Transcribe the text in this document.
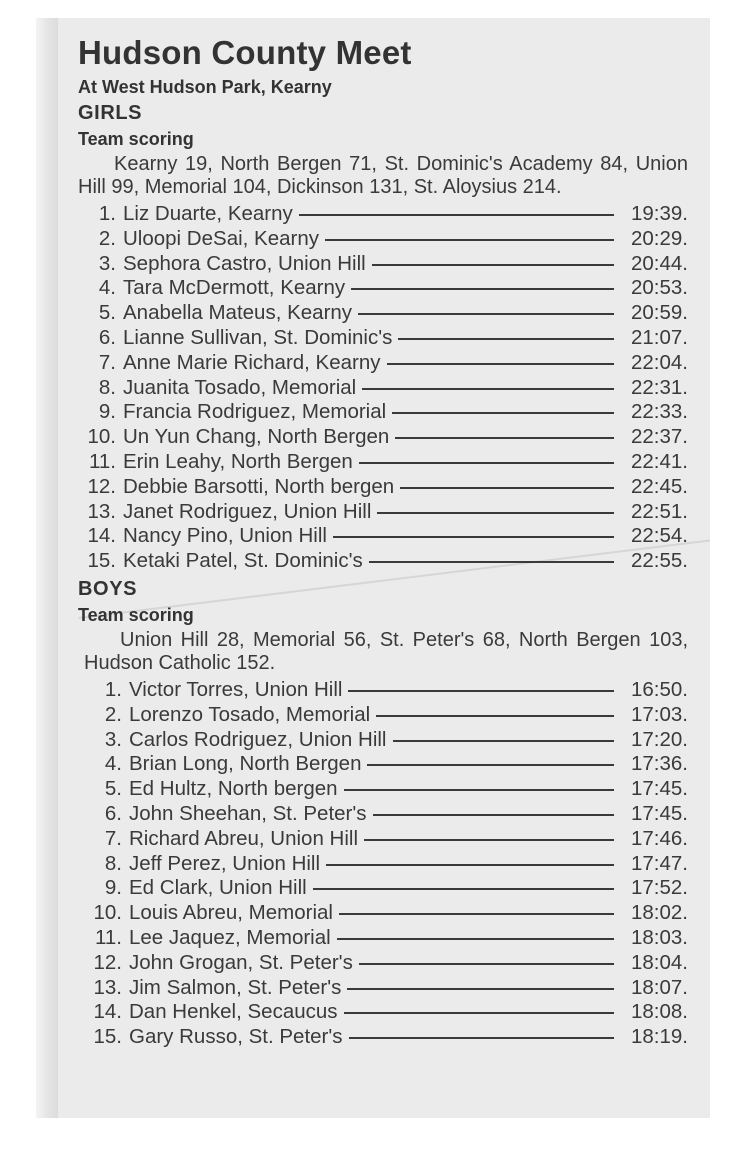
Hudson County Meet
At West Hudson Park, Kearny
GIRLS
Team scoring
Kearny 19, North Bergen 71, St. Dominic's Academy 84, Union Hill 99, Memorial 104, Dickinson 131, St. Aloysius 214.
1. Liz Duarte, Kearny	19:39.
2. Uloopi DeSai, Kearny	20:29.
3. Sephora Castro, Union Hill	20:44.
4. Tara McDermott, Kearny	20:53.
5. Anabella Mateus, Kearny	20:59.
6. Lianne Sullivan, St. Dominic's	21:07.
7. Anne Marie Richard, Kearny	22:04.
8. Juanita Tosado, Memorial	22:31.
9. Francia Rodriguez, Memorial	22:33.
10. Un Yun Chang, North Bergen	22:37.
11. Erin Leahy, North Bergen	22:41.
12. Debbie Barsotti, North bergen	22:45.
13. Janet Rodriguez, Union Hill	22:51.
14. Nancy Pino, Union Hill	22:54.
15. Ketaki Patel, St. Dominic's	22:55.
BOYS
Team scoring
Union Hill 28, Memorial 56, St. Peter's 68, North Bergen 103, Hudson Catholic 152.
1. Victor Torres, Union Hill	16:50.
2. Lorenzo Tosado, Memorial	17:03.
3. Carlos Rodriguez, Union Hill	17:20.
4. Brian Long, North Bergen	17:36.
5. Ed Hultz, North bergen	17:45.
6. John Sheehan, St. Peter's	17:45.
7. Richard Abreu, Union Hill	17:46.
8. Jeff Perez, Union Hill	17:47.
9. Ed Clark, Union Hill	17:52.
10. Louis Abreu, Memorial	18:02.
11. Lee Jaquez, Memorial	18:03.
12. John Grogan, St. Peter's	18:04.
13. Jim Salmon, St. Peter's	18:07.
14. Dan Henkel, Secaucus	18:08.
15. Gary Russo, St. Peter's	18:19.
